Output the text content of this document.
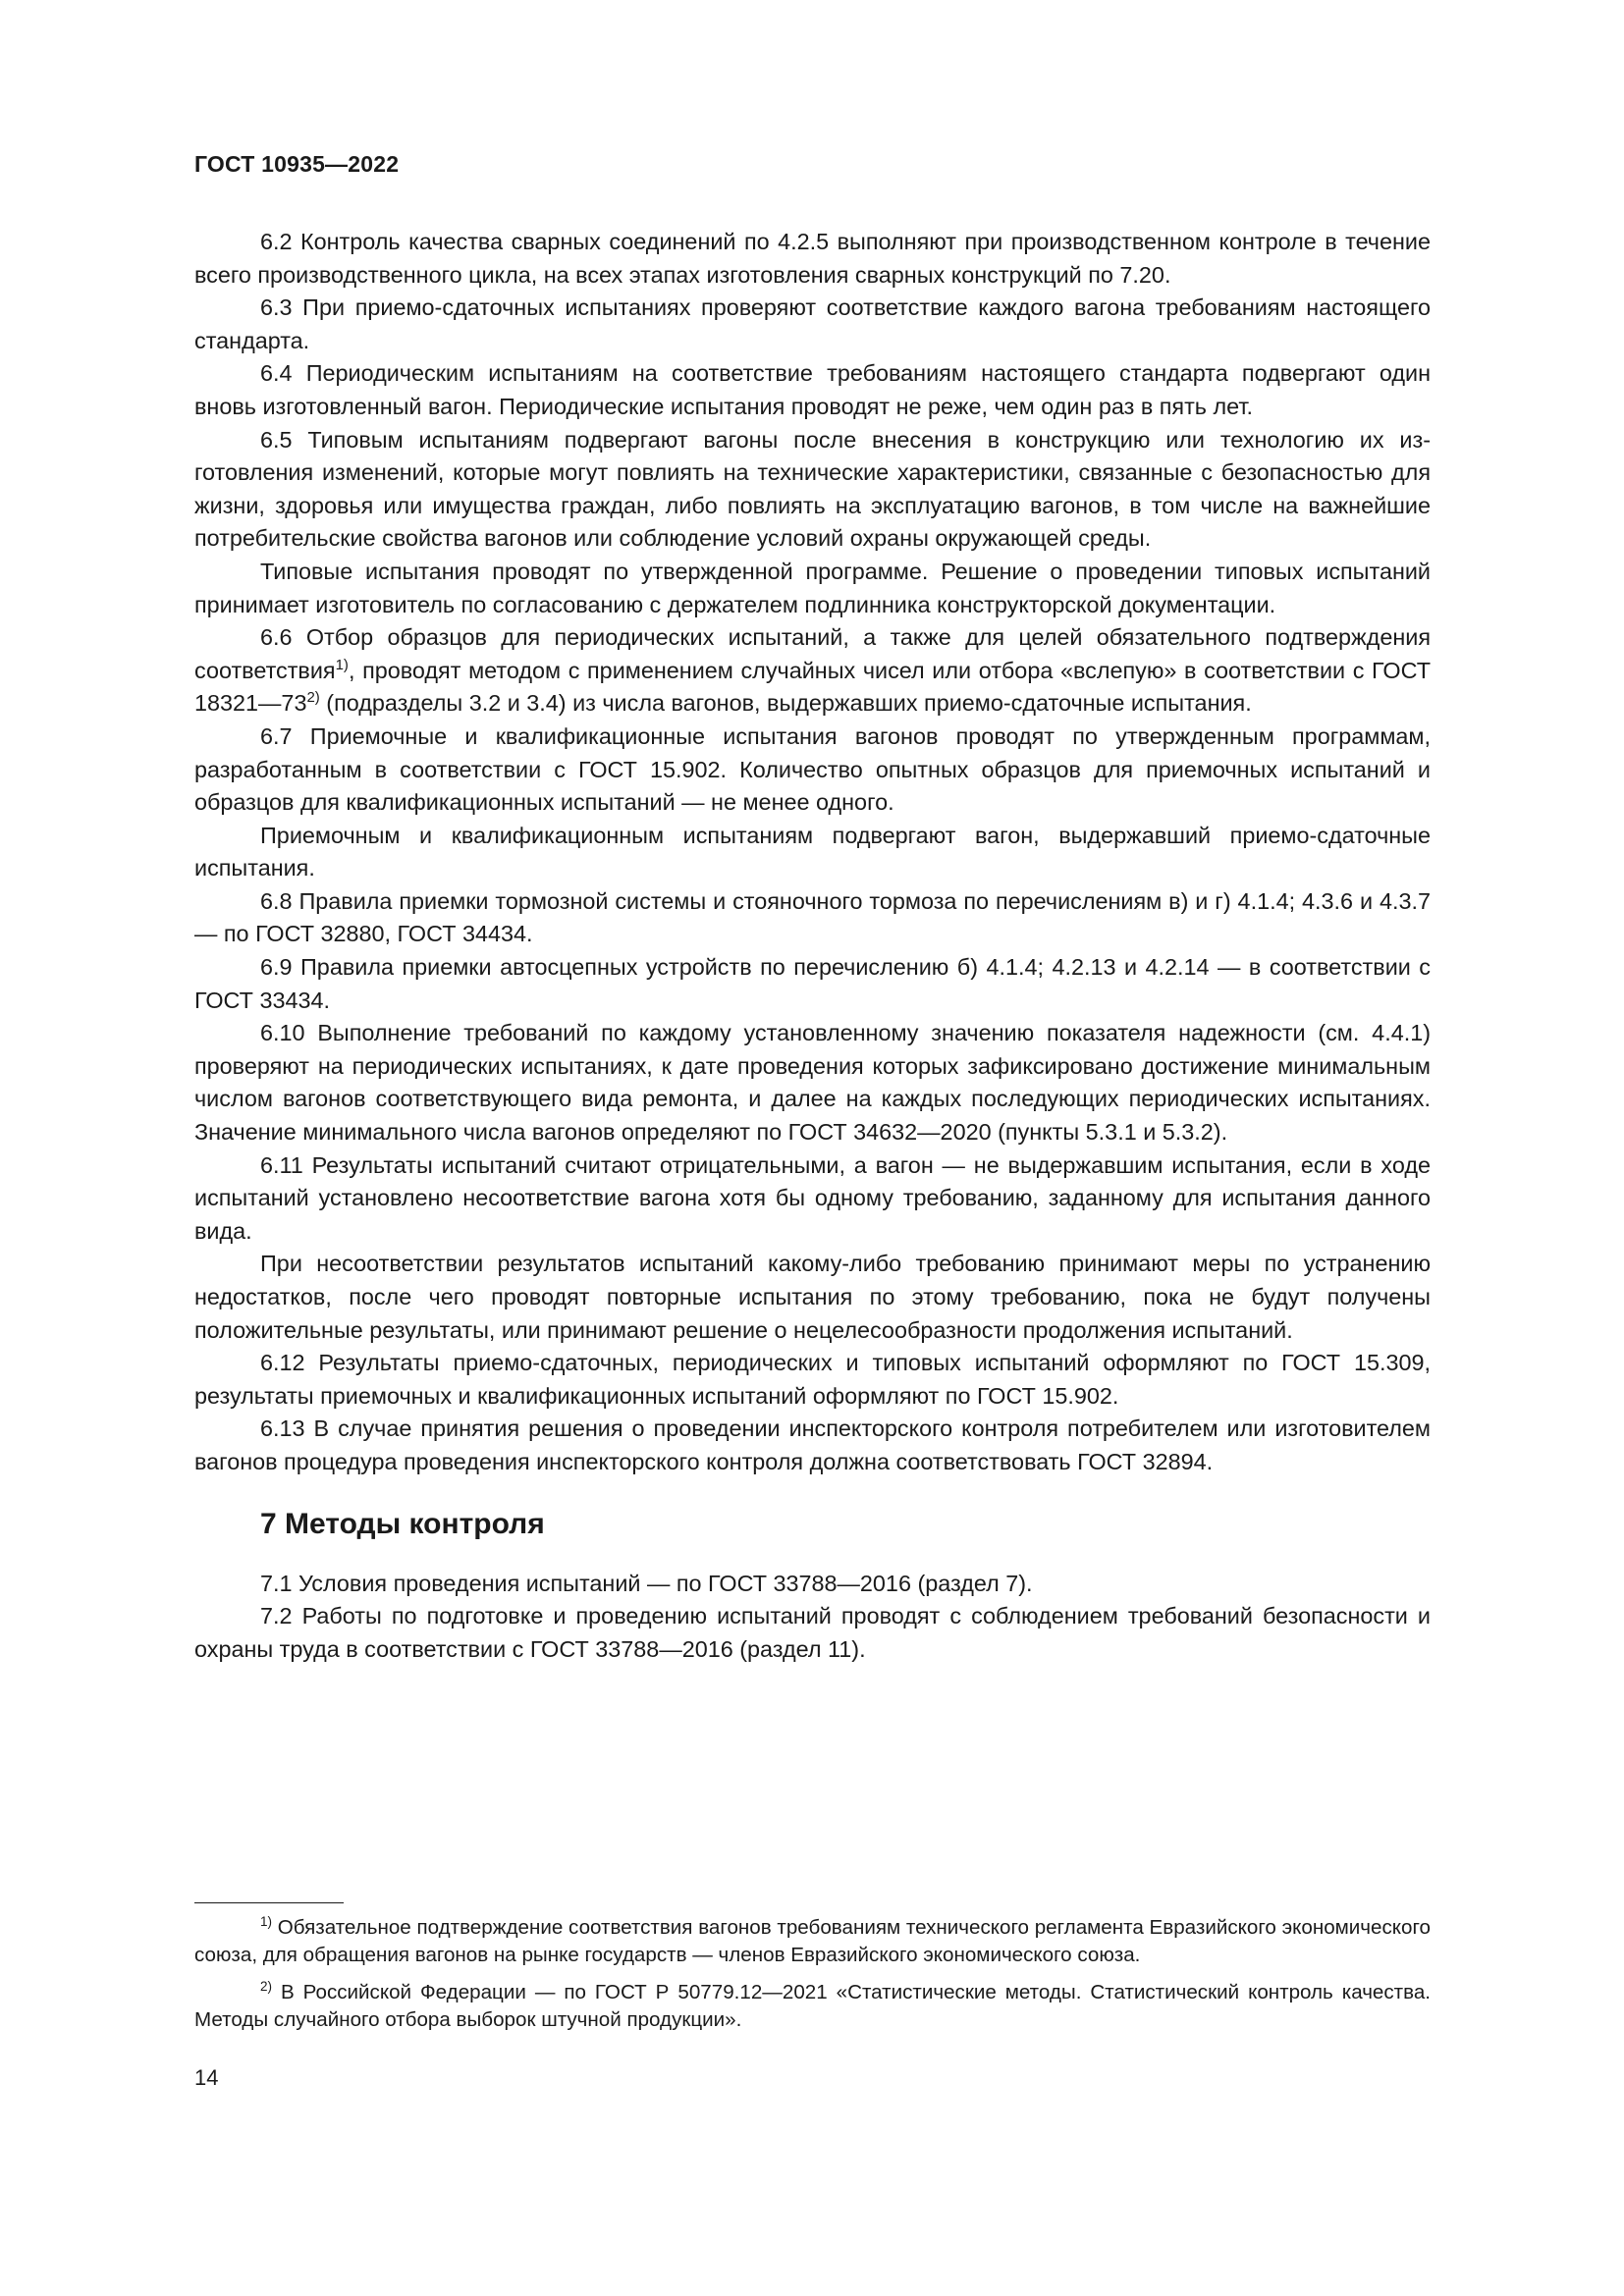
ГОСТ 10935—2022

6.2 Контроль качества сварных соединений по 4.2.5 выполняют при производственном контроле в течение всего производственного цикла, на всех этапах изготовления сварных конструкций по 7.20.

6.3 При приемо-сдаточных испытаниях проверяют соответствие каждого вагона требованиям настоящего стандарта.

6.4 Периодическим испытаниям на соответствие требованиям настоящего стандарта подвергают один вновь изготовленный вагон. Периодические испытания проводят не реже, чем один раз в пять лет.

6.5 Типовым испытаниям подвергают вагоны после внесения в конструкцию или технологию их изготовления изменений, которые могут повлиять на технические характеристики, связанные с безопасностью для жизни, здоровья или имущества граждан, либо повлиять на эксплуатацию вагонов, в том числе на важнейшие потребительские свойства вагонов или соблюдение условий охраны окружающей среды.

Типовые испытания проводят по утвержденной программе. Решение о проведении типовых испытаний принимает изготовитель по согласованию с держателем подлинника конструкторской документации.

6.6 Отбор образцов для периодических испытаний, а также для целей обязательного подтверждения соответствия$^{1)}$, проводят методом с применением случайных чисел или отбора «вслепую» в соответствии с ГОСТ 18321—73$^{2)}$ (подразделы 3.2 и 3.4) из числа вагонов, выдержавших приемо-сдаточные испытания.

6.7 Приемочные и квалификационные испытания вагонов проводят по утвержденным программам, разработанным в соответствии с ГОСТ 15.902. Количество опытных образцов для приемочных испытаний и образцов для квалификационных испытаний — не менее одного.

Приемочным и квалификационным испытаниям подвергают вагон, выдержавший приемо-сдаточные испытания.

6.8 Правила приемки тормозной системы и стояночного тормоза по перечислениям в) и г) 4.1.4; 4.3.6 и 4.3.7 — по ГОСТ 32880, ГОСТ 34434.

6.9 Правила приемки автосцепных устройств по перечислению б) 4.1.4; 4.2.13 и 4.2.14 — в соответствии с ГОСТ 33434.

6.10 Выполнение требований по каждому установленному значению показателя надежности (см. 4.4.1) проверяют на периодических испытаниях, к дате проведения которых зафиксировано достижение минимальным числом вагонов соответствующего вида ремонта, и далее на каждых последующих периодических испытаниях. Значение минимального числа вагонов определяют по ГОСТ 34632—2020 (пункты 5.3.1 и 5.3.2).

6.11 Результаты испытаний считают отрицательными, а вагон — не выдержавшим испытания, если в ходе испытаний установлено несоответствие вагона хотя бы одному требованию, заданному для испытания данного вида.

При несоответствии результатов испытаний какому-либо требованию принимают меры по устранению недостатков, после чего проводят повторные испытания по этому требованию, пока не будут получены положительные результаты, или принимают решение о нецелесообразности продолжения испытаний.

6.12 Результаты приемо-сдаточных, периодических и типовых испытаний оформляют по ГОСТ 15.309, результаты приемочных и квалификационных испытаний оформляют по ГОСТ 15.902.

6.13 В случае принятия решения о проведении инспекторского контроля потребителем или изготовителем вагонов процедура проведения инспекторского контроля должна соответствовать ГОСТ 32894.

7 Методы контроля

7.1 Условия проведения испытаний — по ГОСТ 33788—2016 (раздел 7).

7.2 Работы по подготовке и проведению испытаний проводят с соблюдением требований безопасности и охраны труда в соответствии с ГОСТ 33788—2016 (раздел 11).

$^{1)}$ Обязательное подтверждение соответствия вагонов требованиям технического регламента Евразийского экономического союза, для обращения вагонов на рынке государств — членов Евразийского экономического союза.

$^{2)}$ В Российской Федерации — по ГОСТ Р 50779.12—2021 «Статистические методы. Статистический контроль качества. Методы случайного отбора выборок штучной продукции».

14
